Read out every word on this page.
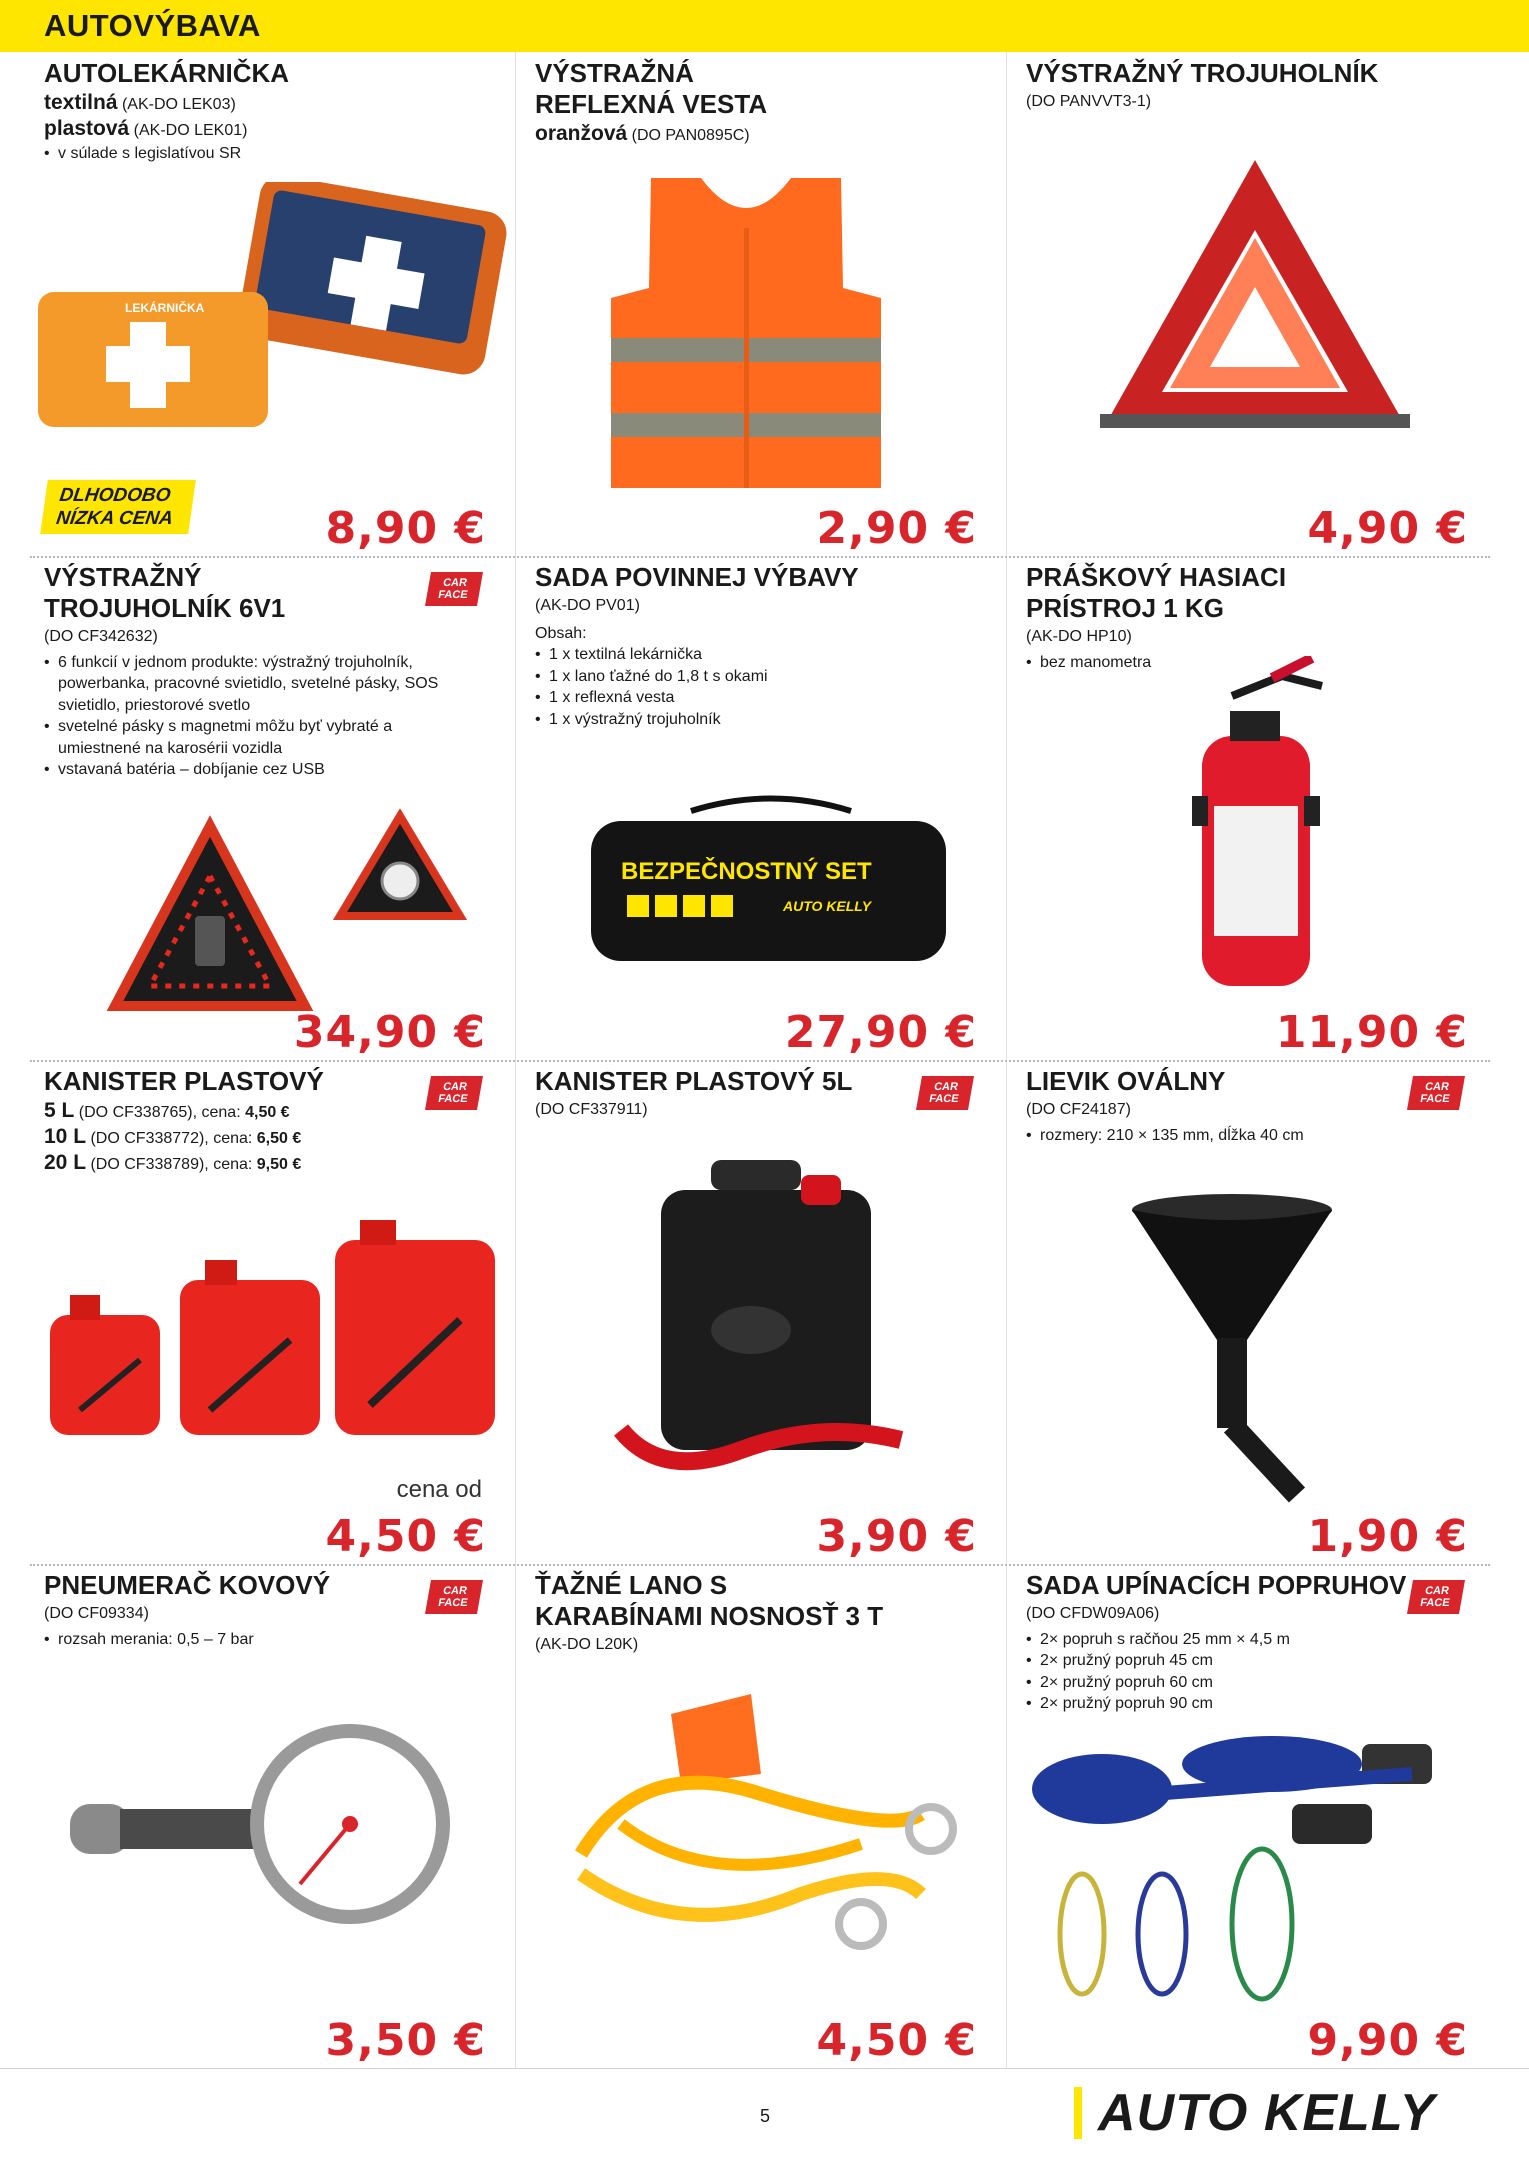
AUTOVÝBAVA
AUTOLEKÁRNIČKA
textilná (AK-DO LEK03)
plastová (AK-DO LEK01)
• v súlade s legislatívou SR
LEKÁRNIČKA
DLHODOBO
NÍZKA CENA	8,90 €
VÝSTRAŽNÁ REFLEXNÁ VESTA
oranžová (DO PAN0895C)
2,90 €
VÝSTRAŽNÝ TROJUHOLNÍK
(DO PANVVT3-1)
4,90 €
VÝSTRAŽNÝ TROJUHOLNÍK 6V1
CAR
FACE
(DO CF342632)
• 6 funkcií v jednom produkte: výstražný trojuholník, powerbanka, pracovné svietidlo, svetelné pásky, SOS svietidlo, priestorové svetlo
• svetelné pásky s magnetmi môžu byť vybraté a umiestnené na karosérii vozidla
• vstavaná batéria – dobíjanie cez USB
34,90 €
SADA POVINNEJ VÝBAVY
(AK-DO PV01)
Obsah:
• 1 x textilná lekárnička
• 1 x lano ťažné do 1,8 t s okami
• 1 x reflexná vesta
• 1 x výstražný trojuholník
BEZPEČNOSTNÝ SET
AUTO KELLY
27,90 €
PRÁŠKOVÝ HASIACI PRÍSTROJ 1 KG
(AK-DO HP10)
• bez manometra
11,90 €
KANISTER PLASTOVÝ	CAR
FACE
5 L (DO CF338765), cena: 4,50 €
10 L (DO CF338772), cena: 6,50 €
20 L (DO CF338789), cena: 9,50 €
cena od
4,50 €
KANISTER PLASTOVÝ 5L	CAR
FACE
(DO CF337911)
3,90 €
LIEVIK OVÁLNY	CAR
FACE
(DO CF24187)
• rozmery: 210 × 135 mm, dĺžka 40 cm
1,90 €
PNEUMERAČ KOVOVÝ	CAR
FACE
(DO CF09334)
• rozsah merania: 0,5 – 7 bar
3,50 €
ŤAŽNÉ LANO S KARABÍNAMI NOSNOSŤ 3 T
(AK-DO L20K)
4,50 €
SADA UPÍNACÍCH POPRUHOV	CAR
FACE
(DO CFDW09A06)
• 2× popruh s račňou 25 mm × 4,5 m
• 2× pružný popruh 45 cm
• 2× pružný popruh 60 cm
• 2× pružný popruh 90 cm
9,90 €
5	AUTO KELLY
